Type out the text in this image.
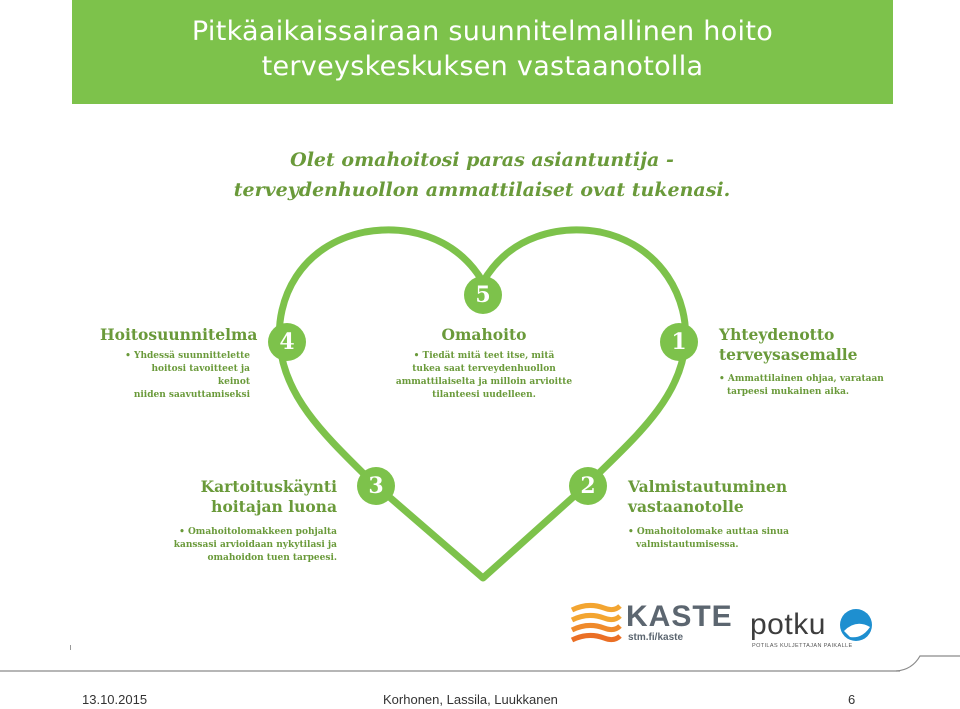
Pitkäaikaissairaan suunnitelmallinen hoito
terveyskeskuksen vastaanotolla
Olet omahoitosi paras asiantuntija -
terveydenhuollon ammattilaiset ovat tukenasi.
5
4	1
3	2
Hoitosuunnitelma
• Yhdessä suunnittelette
hoitosi tavoitteet ja keinot
niiden saavuttamiseksi
Omahoito
• Tiedät mitä teet itse, mitä
tukea saat terveydenhuollon
ammattilaiselta ja milloin arvioitte
tilanteesi uudelleen.
Yhteydenotto
terveysasemalle
• Ammattilainen ohjaa, varataan
tarpeesi mukainen aika.
Kartoituskäynti
hoitajan luona
• Omahoitolomakkeen pohjalta
kanssasi arvioidaan nykytilasi ja
omahoidon tuen tarpeesi.
Valmistautuminen
vastaanotolle
• Omahoitolomake auttaa sinua
valmistautumisessa.
KASTE
stm.fi/kaste potku
POTILAS KULJETTAJAN PAIKALLE
13.10.2015	Korhonen, Lassila, Luukkanen	6
